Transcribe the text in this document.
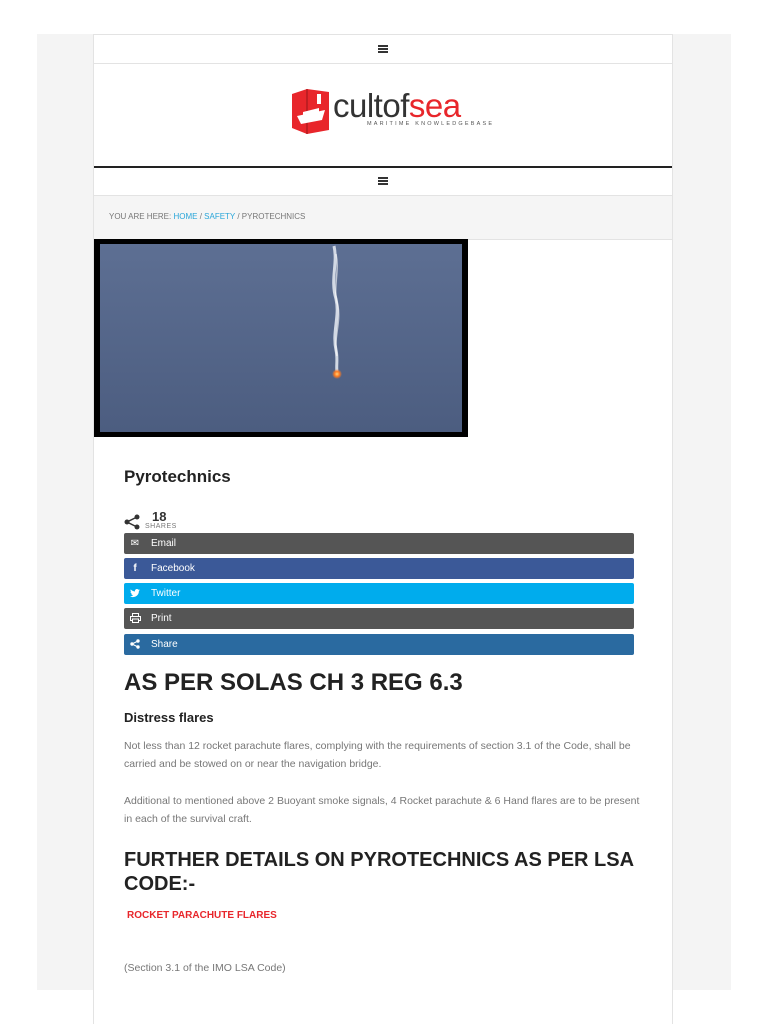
cultofsea
MARITIME KNOWLEDGEBASE
YOU ARE HERE: HOME / SAFETY / PYROTECHNICS
Pyrotechnics
18
SHARES
✉	Email
f	Facebook
Twitter
Print
Share
AS PER SOLAS CH 3 REG 6.3
Distress flares
Not less than 12 rocket parachute flares, complying with the requirements of section 3.1 of the Code, shall be carried and be stowed on or near the navigation bridge.
Additional to mentioned above 2 Buoyant smoke signals, 4 Rocket parachute & 6 Hand flares are to be present in each of the survival craft.
FURTHER DETAILS ON PYROTECHNICS AS PER LSA CODE:-
ROCKET PARACHUTE FLARES
(Section 3.1 of the IMO LSA Code)
